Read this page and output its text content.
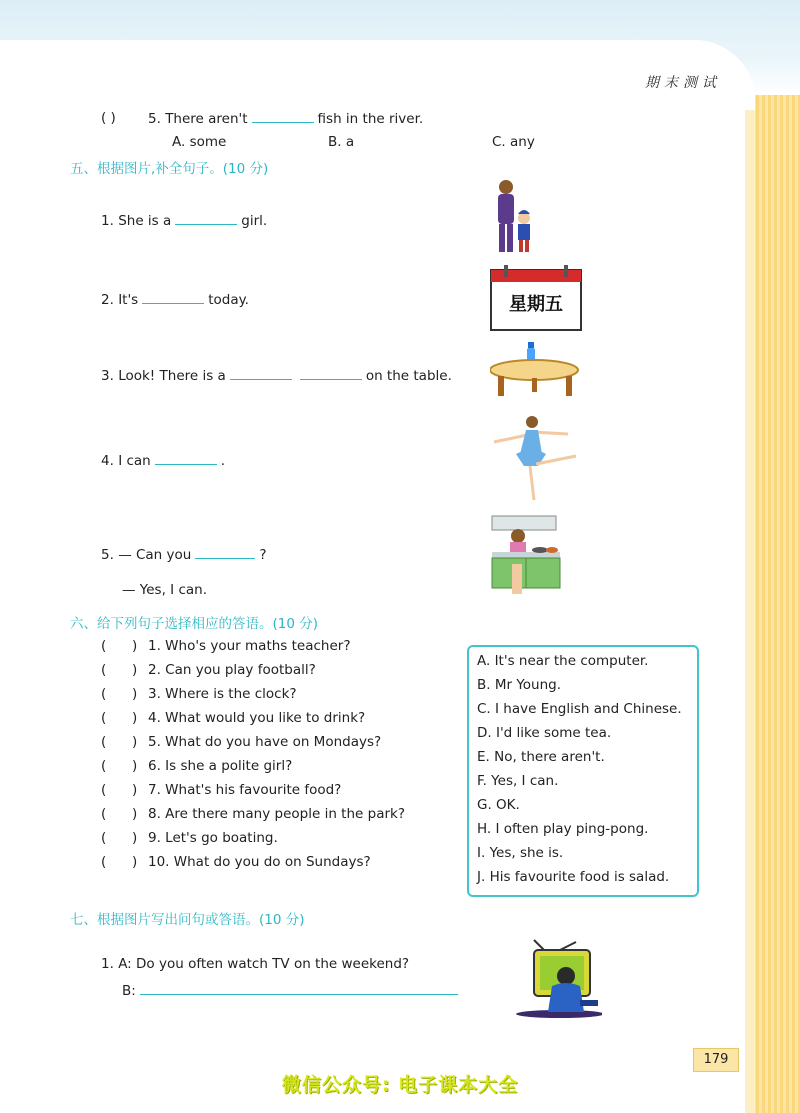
期末测试
( ) 5. There aren't	fish in the river.
A. some	B. a	C. any
五、根据图片,补全句子。(10 分)
1. She is a	girl.
2. It's	today.
3. Look! There is a	on the table.
4. I can	.
5. — Can you	?
— Yes, I can.
星期五
六、给下列句子选择相应的答语。(10 分)
(      ) 1. Who's your maths teacher?
(      ) 2. Can you play football?
(      ) 3. Where is the clock?
(      ) 4. What would you like to drink?
(      ) 5. What do you have on Mondays?
(      ) 6. Is she a polite girl?
(      ) 7. What's his favourite food?
(      ) 8. Are there many people in the park?
(      ) 9. Let's go boating.
(      ) 10. What do you do on Sundays?
A. It's near the computer.
B. Mr Young.
C. I have English and Chinese.
D. I'd like some tea.
E. No, there aren't.
F. Yes, I can.
G. OK.
H. I often play ping-pong.
I. Yes, she is.
J. His favourite food is salad.
七、根据图片写出问句或答语。(10 分)
1. A: Do you often watch TV on the weekend?
B:
179
微信公众号: 电子课本大全
